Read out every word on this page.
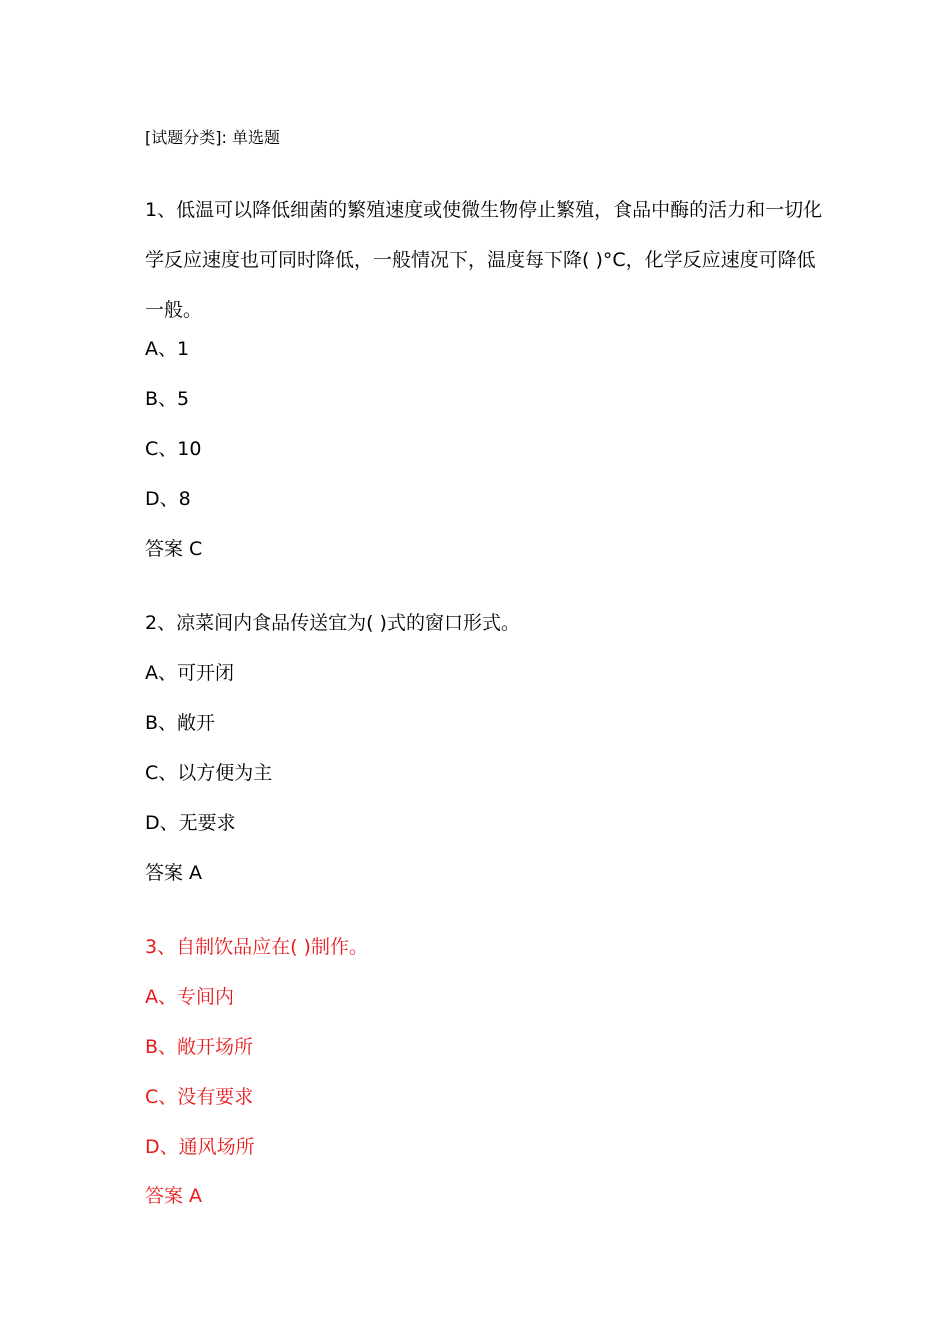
[试题分类]: 单选题
1、低温可以降低细菌的繁殖速度或使微生物停止繁殖，食品中酶的活力和一切化学反应速度也可同时降低，一般情况下，温度每下降( )°C，化学反应速度可降低一般。
A、1
B、5
C、10
D、8
答案 C
2、凉菜间内食品传送宜为( )式的窗口形式。
A、可开闭
B、敞开
C、以方便为主
D、无要求
答案 A
3、自制饮品应在( )制作。
A、专间内
B、敞开场所
C、没有要求
D、通风场所
答案 A
